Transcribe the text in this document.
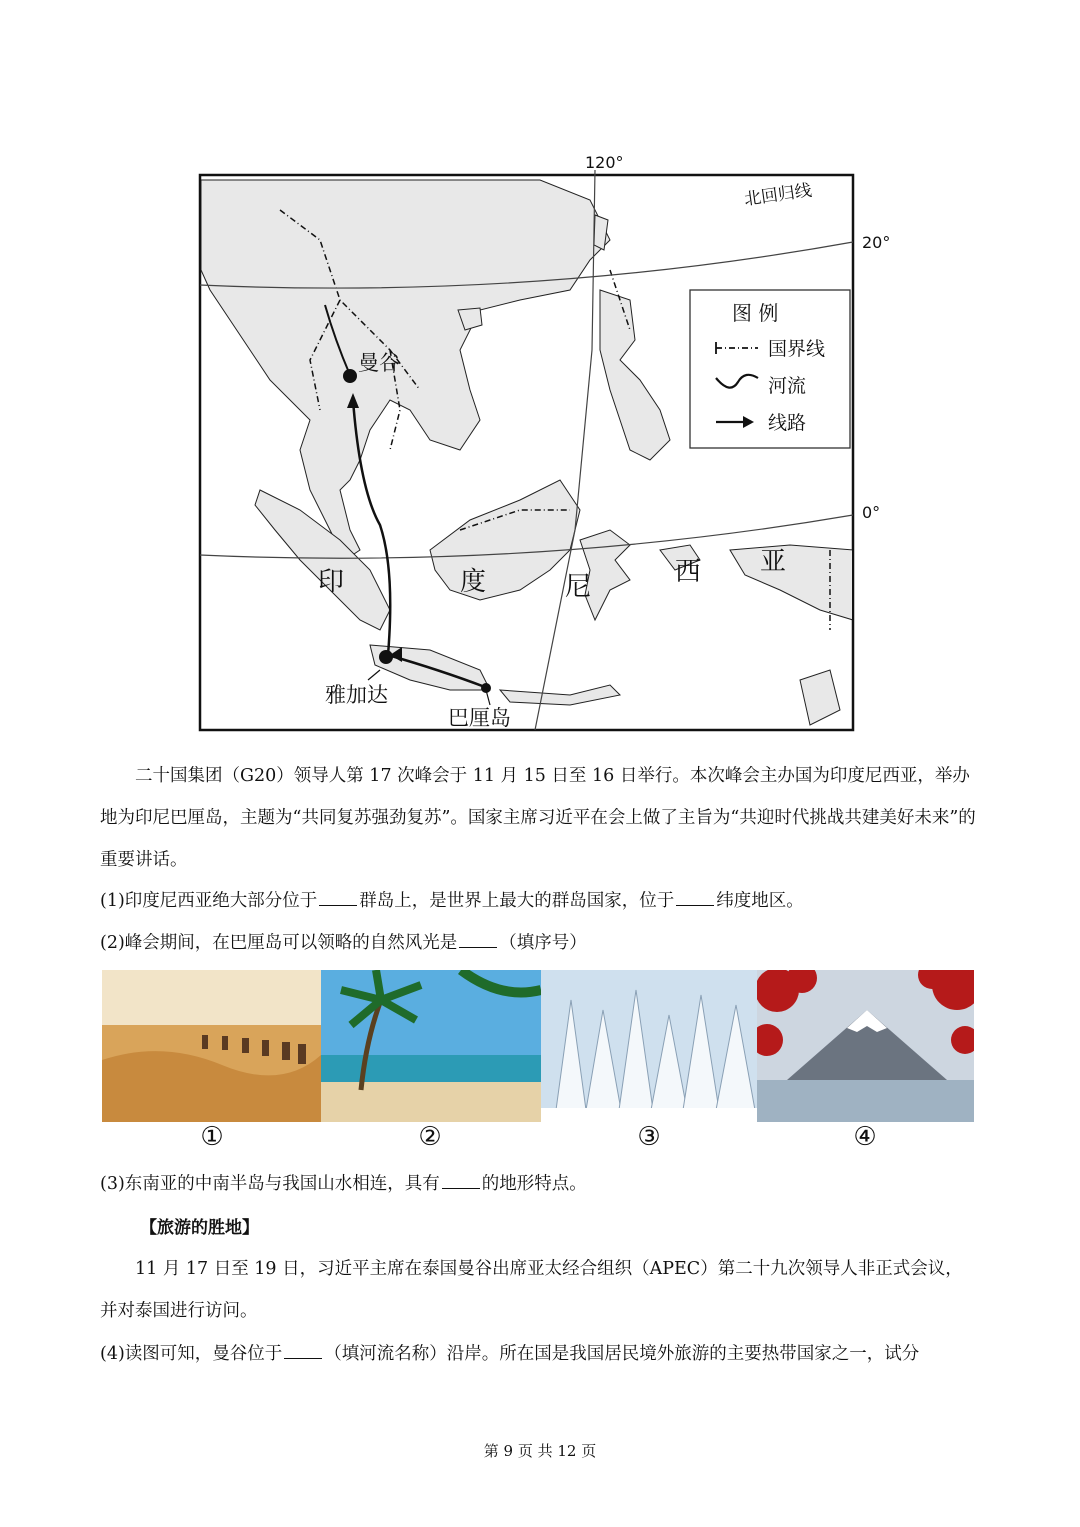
120°
20°
0°
北回归线
曼谷
雅加达
巴厘岛
印	度	尼	西 亚
图 例
国界线
河流
线路

二十国集团（G20）领导人第 17 次峰会于 11 月 15 日至 16 日举行。本次峰会主办国为印度尼西亚，举办地为印尼巴厘岛，主题为“共同复苏强劲复苏”。国家主席习近平在会上做了主旨为“共迎时代挑战共建美好未来”的重要讲话。

(1)印度尼西亚绝大部分位于 群岛上，是世界上最大的群岛国家，位于 纬度地区。

(2)峰会期间，在巴厘岛可以领略的自然风光是 （填序号）

①	②	③	④

(3)东南亚的中南半岛与我国山水相连，具有 的地形特点。

【旅游的胜地】

11 月 17 日至 19 日，习近平主席在泰国曼谷出席亚太经合组织（APEC）第二十九次领导人非正式会议，并对泰国进行访问。

(4)读图可知，曼谷位于 （填河流名称）沿岸。所在国是我国居民境外旅游的主要热带国家之一，试分

第 9 页 共 12 页
